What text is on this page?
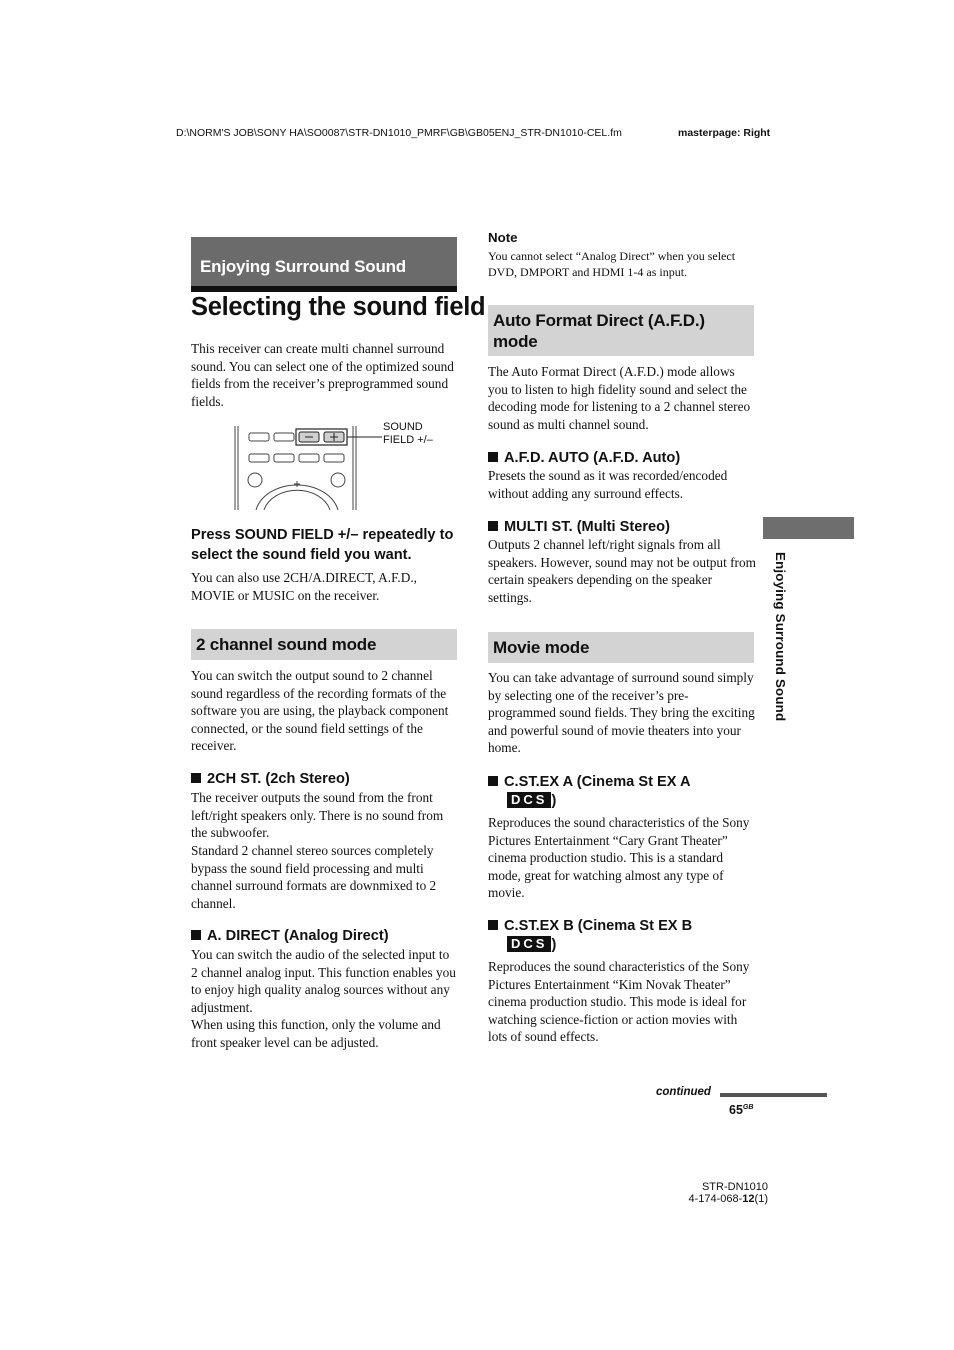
D:\NORM'S JOB\SONY HA\SO0087\STR-DN1010_PMRF\GB\GB05ENJ_STR-DN1010-CEL.fm	masterpage: Right
Enjoying Surround Sound
Selecting the sound field
This receiver can create multi channel surround sound. You can select one of the optimized sound fields from the receiver’s preprogrammed sound fields.
SOUND
FIELD +/–
Press SOUND FIELD +/– repeatedly to select the sound field you want.
You can also use 2CH/A.DIRECT, A.F.D., MOVIE or MUSIC on the receiver.
2 channel sound mode
You can switch the output sound to 2 channel sound regardless of the recording formats of the software you are using, the playback component connected, or the sound field settings of the receiver.
2CH ST. (2ch Stereo)
The receiver outputs the sound from the front left/right speakers only. There is no sound from the subwoofer.
Standard 2 channel stereo sources completely bypass the sound field processing and multi channel surround formats are downmixed to 2 channel.
A. DIRECT (Analog Direct)
You can switch the audio of the selected input to 2 channel analog input. This function enables you to enjoy high quality analog sources without any adjustment.
When using this function, only the volume and front speaker level can be adjusted.
Note
You cannot select “Analog Direct” when you select DVD, DMPORT and HDMI 1-4 as input.
Auto Format Direct (A.F.D.)
mode
The Auto Format Direct (A.F.D.) mode allows you to listen to high fidelity sound and select the decoding mode for listening to a 2 channel stereo sound as multi channel sound.
A.F.D. AUTO (A.F.D. Auto)
Presets the sound as it was recorded/encoded without adding any surround effects.
MULTI ST. (Multi Stereo)
Outputs 2 channel left/right signals from all speakers. However, sound may not be output from certain speakers depending on the speaker settings.
Movie mode
You can take advantage of surround sound simply by selecting one of the receiver’s pre-programmed sound fields. They bring the exciting and powerful sound of movie theaters into your home.
C.ST.EX A (Cinema St EX A
DCS )
Reproduces the sound characteristics of the Sony Pictures Entertainment “Cary Grant Theater” cinema production studio. This is a standard mode, great for watching almost any type of movie.
C.ST.EX B (Cinema St EX B
DCS )
Reproduces the sound characteristics of the Sony Pictures Entertainment “Kim Novak Theater” cinema production studio. This mode is ideal for watching science-fiction or action movies with lots of sound effects.
Enjoying Surround Sound
continued
$65^{GB}$
STR-DN1010
4-174-068-12(1)
